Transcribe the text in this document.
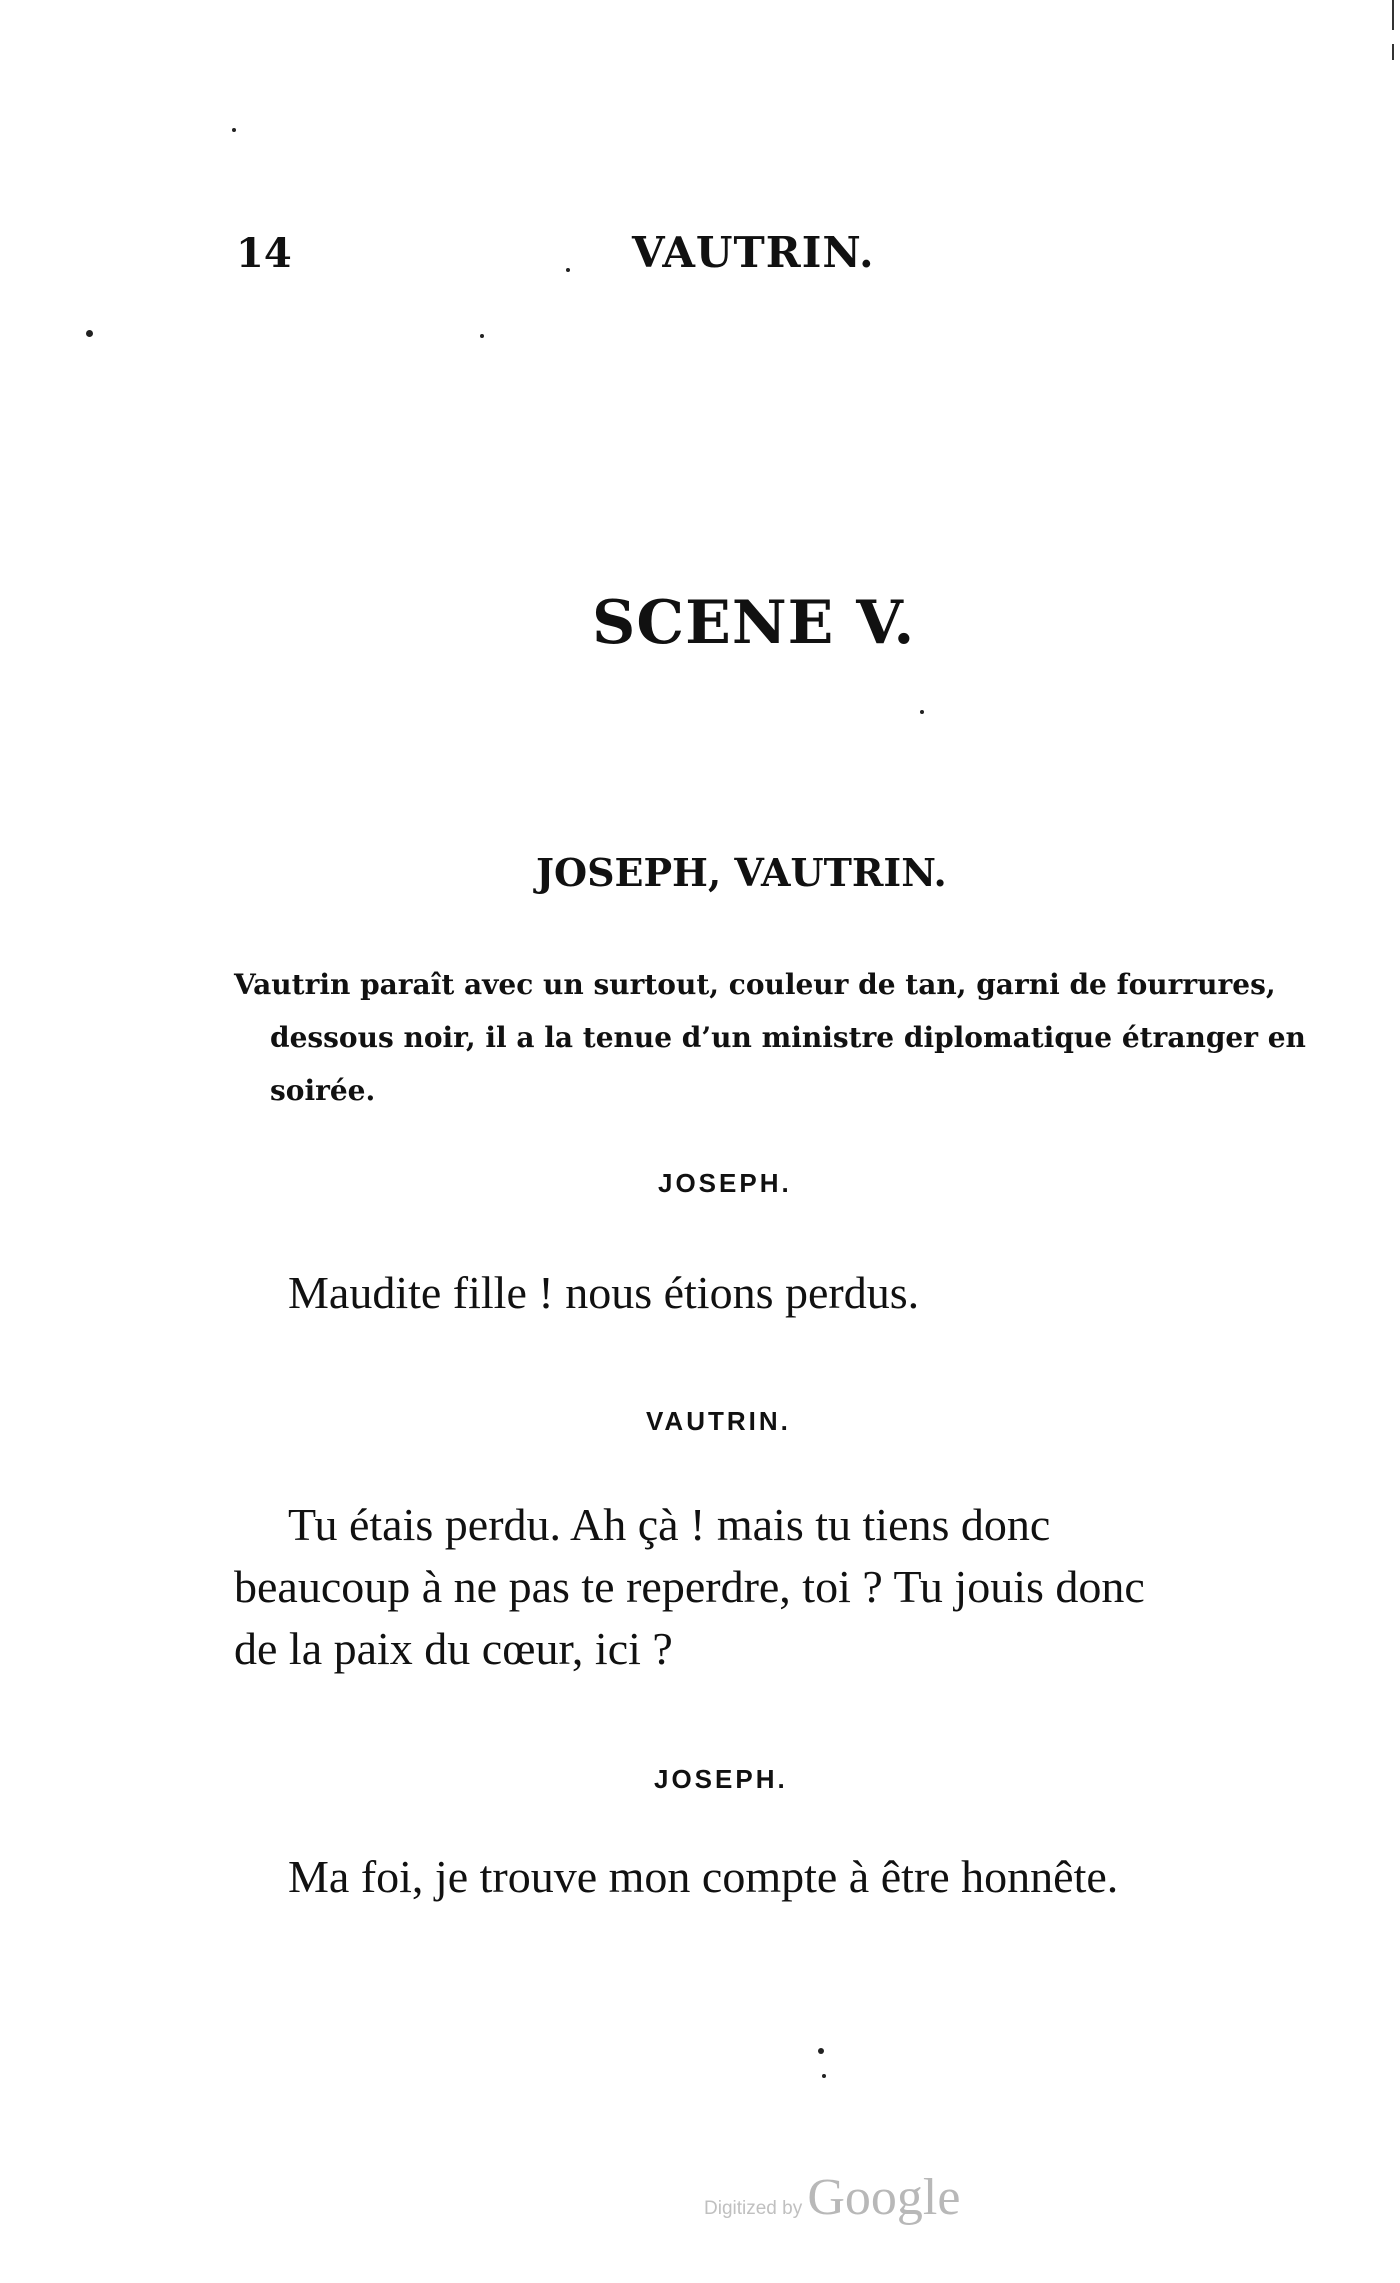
14	VAUTRIN.
SCENE V.
JOSEPH, VAUTRIN.
Vautrin paraît avec un surtout, couleur de tan, garni de fourrures,
dessous noir, il a la tenue d’un ministre diplomatique étranger en
soirée.
JOSEPH.
Maudite fille ! nous étions perdus.
VAUTRIN.
Tu étais perdu. Ah çà ! mais tu tiens donc
beaucoup à ne pas te reperdre, toi ? Tu jouis donc
de la paix du cœur, ici ?
JOSEPH.
Ma foi, je trouve mon compte à être honnête.
Digitized by Google
